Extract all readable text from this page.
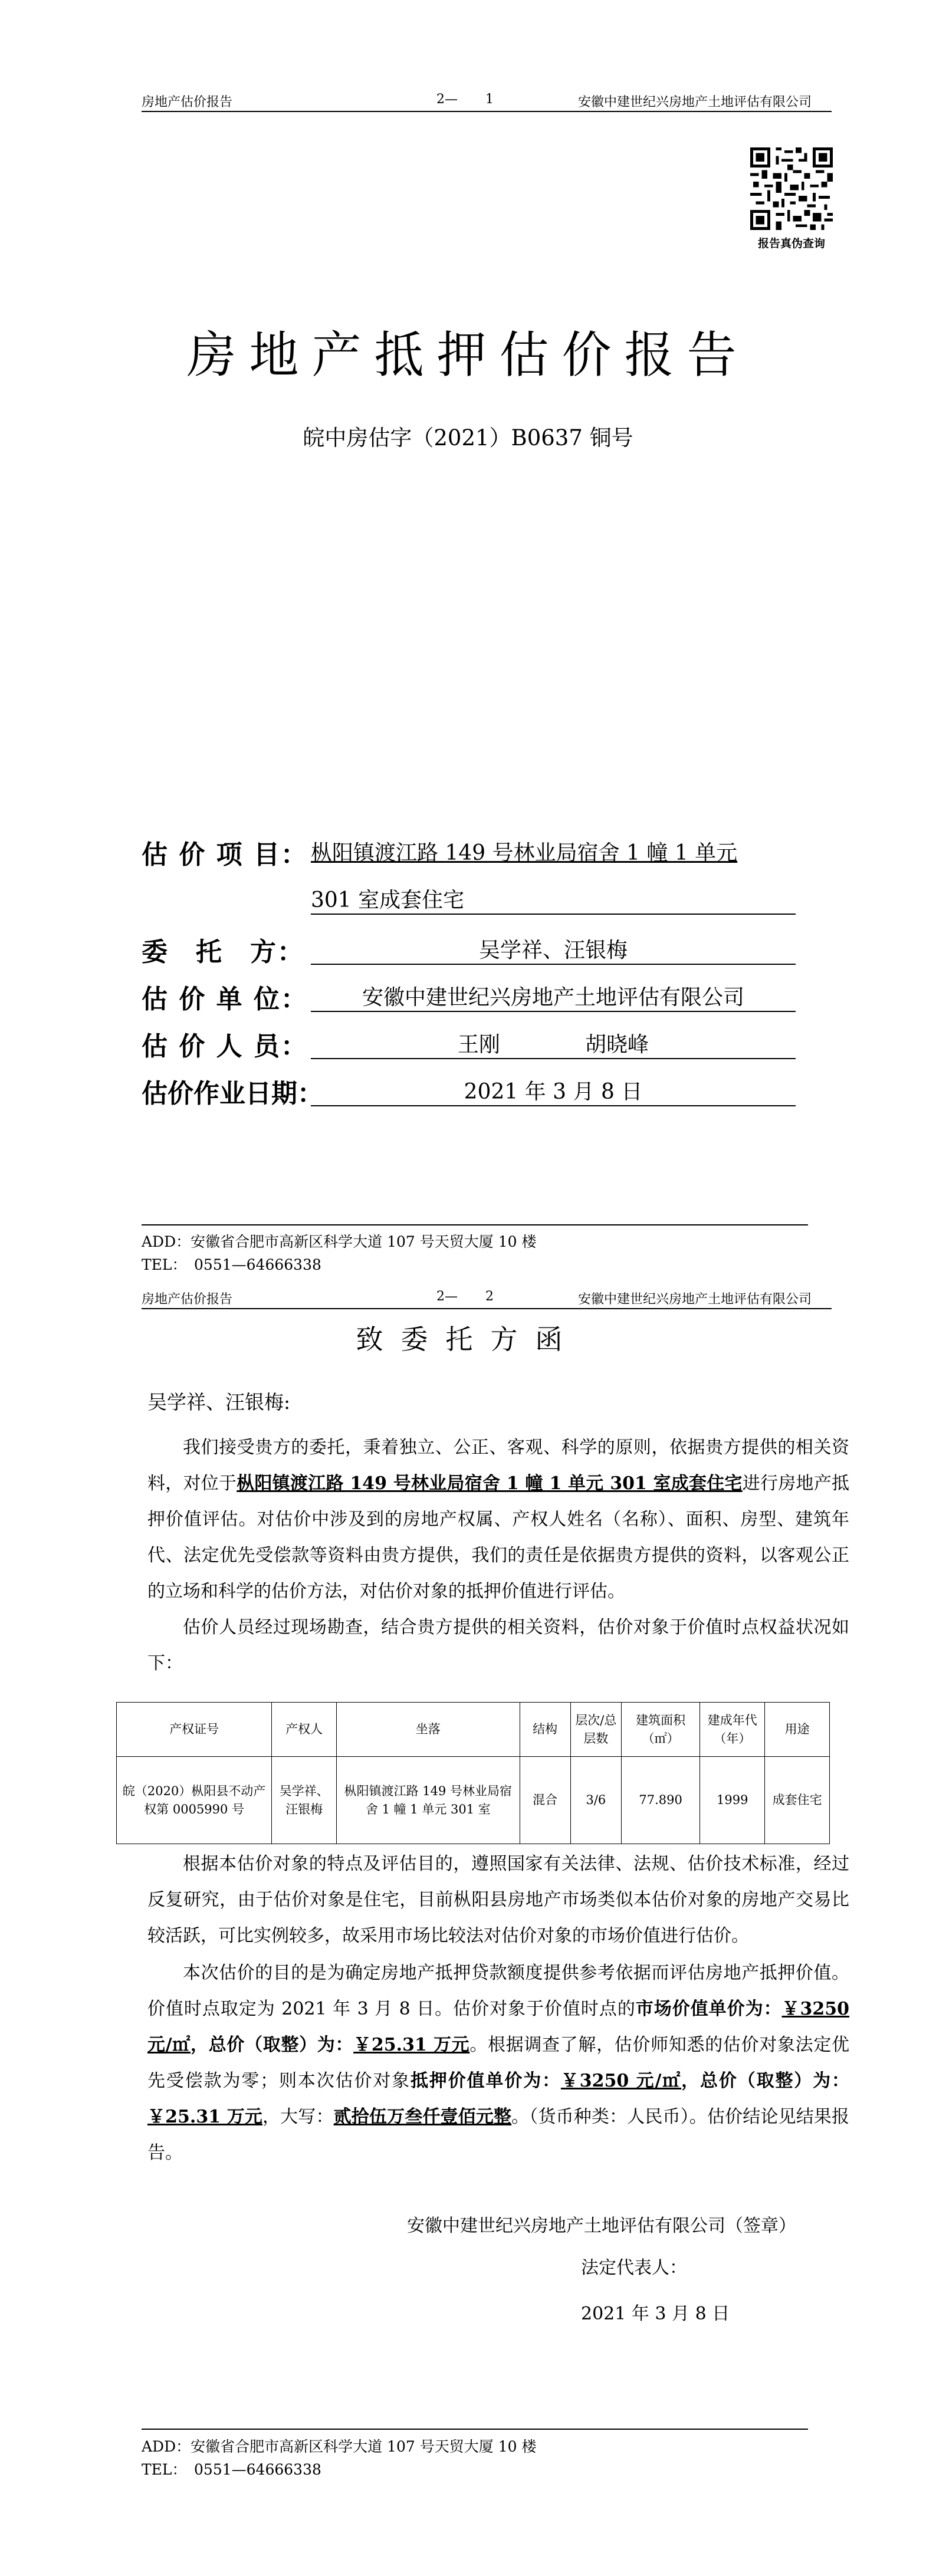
房地产估价报告	2— 1	安徽中建世纪兴房地产土地评估有限公司
报告真伪查询
房地产抵押估价报告
皖中房估字（2021）B0637 铜号
估 价 项 目： 枞阳镇渡江路 149 号林业局宿舍 1 幢 1 单元
301 室成套住宅
委　托　方：	吴学祥、汪银梅
估 价 单 位：	安徽中建世纪兴房地产土地评估有限公司
估 价 人 员：	王刚　　　　胡晓峰
估价作业日期：	2021 年 3 月 8 日
ADD：安徽省合肥市高新区科学大道 107 号天贸大厦 10 楼
TEL：　0551—64666338
房地产估价报告	2— 2	安徽中建世纪兴房地产土地评估有限公司
致委托方函
吴学祥、汪银梅:
我们接受贵方的委托，秉着独立、公正、客观、科学的原则，依据贵方提供的相关资料，对位于枞阳镇渡江路 149 号林业局宿舍 1 幢 1 单元 301 室成套住宅进行房地产抵押价值评估。对估价中涉及到的房地产权属、产权人姓名（名称）、面积、房型、建筑年代、法定优先受偿款等资料由贵方提供，我们的责任是依据贵方提供的资料，以客观公正的立场和科学的估价方法，对估价对象的抵押价值进行评估。
估价人员经过现场勘查，结合贵方提供的相关资料，估价对象于价值时点权益状况如下：
产权证号	产权人	坐落	结构	层次/总层数	建筑面积（㎡）	建成年代（年）	用途
皖（2020）枞阳县不动产权第 0005990 号	吴学祥、汪银梅	枞阳镇渡江路 149 号林业局宿舍 1 幢 1 单元 301 室	混合	3/6	77.890	1999	成套住宅
根据本估价对象的特点及评估目的，遵照国家有关法律、法规、估价技术标准，经过反复研究，由于估价对象是住宅，目前枞阳县房地产市场类似本估价对象的房地产交易比较活跃，可比实例较多，故采用市场比较法对估价对象的市场价值进行估价。
本次估价的目的是为确定房地产抵押贷款额度提供参考依据而评估房地产抵押价值。价值时点取定为 2021 年 3 月 8 日。估价对象于价值时点的市场价值单价为：￥3250 元/㎡，总价（取整）为：￥25.31 万元。根据调查了解，估价师知悉的估价对象法定优先受偿款为零；则本次估价对象抵押价值单价为：￥3250 元/㎡，总价（取整）为：￥25.31 万元，大写：贰拾伍万叁仟壹佰元整。（货币种类：人民币）。估价结论见结果报告。
安徽中建世纪兴房地产土地评估有限公司（签章）
法定代表人：
2021 年 3 月 8 日
ADD：安徽省合肥市高新区科学大道 107 号天贸大厦 10 楼
TEL：　0551—64666338
